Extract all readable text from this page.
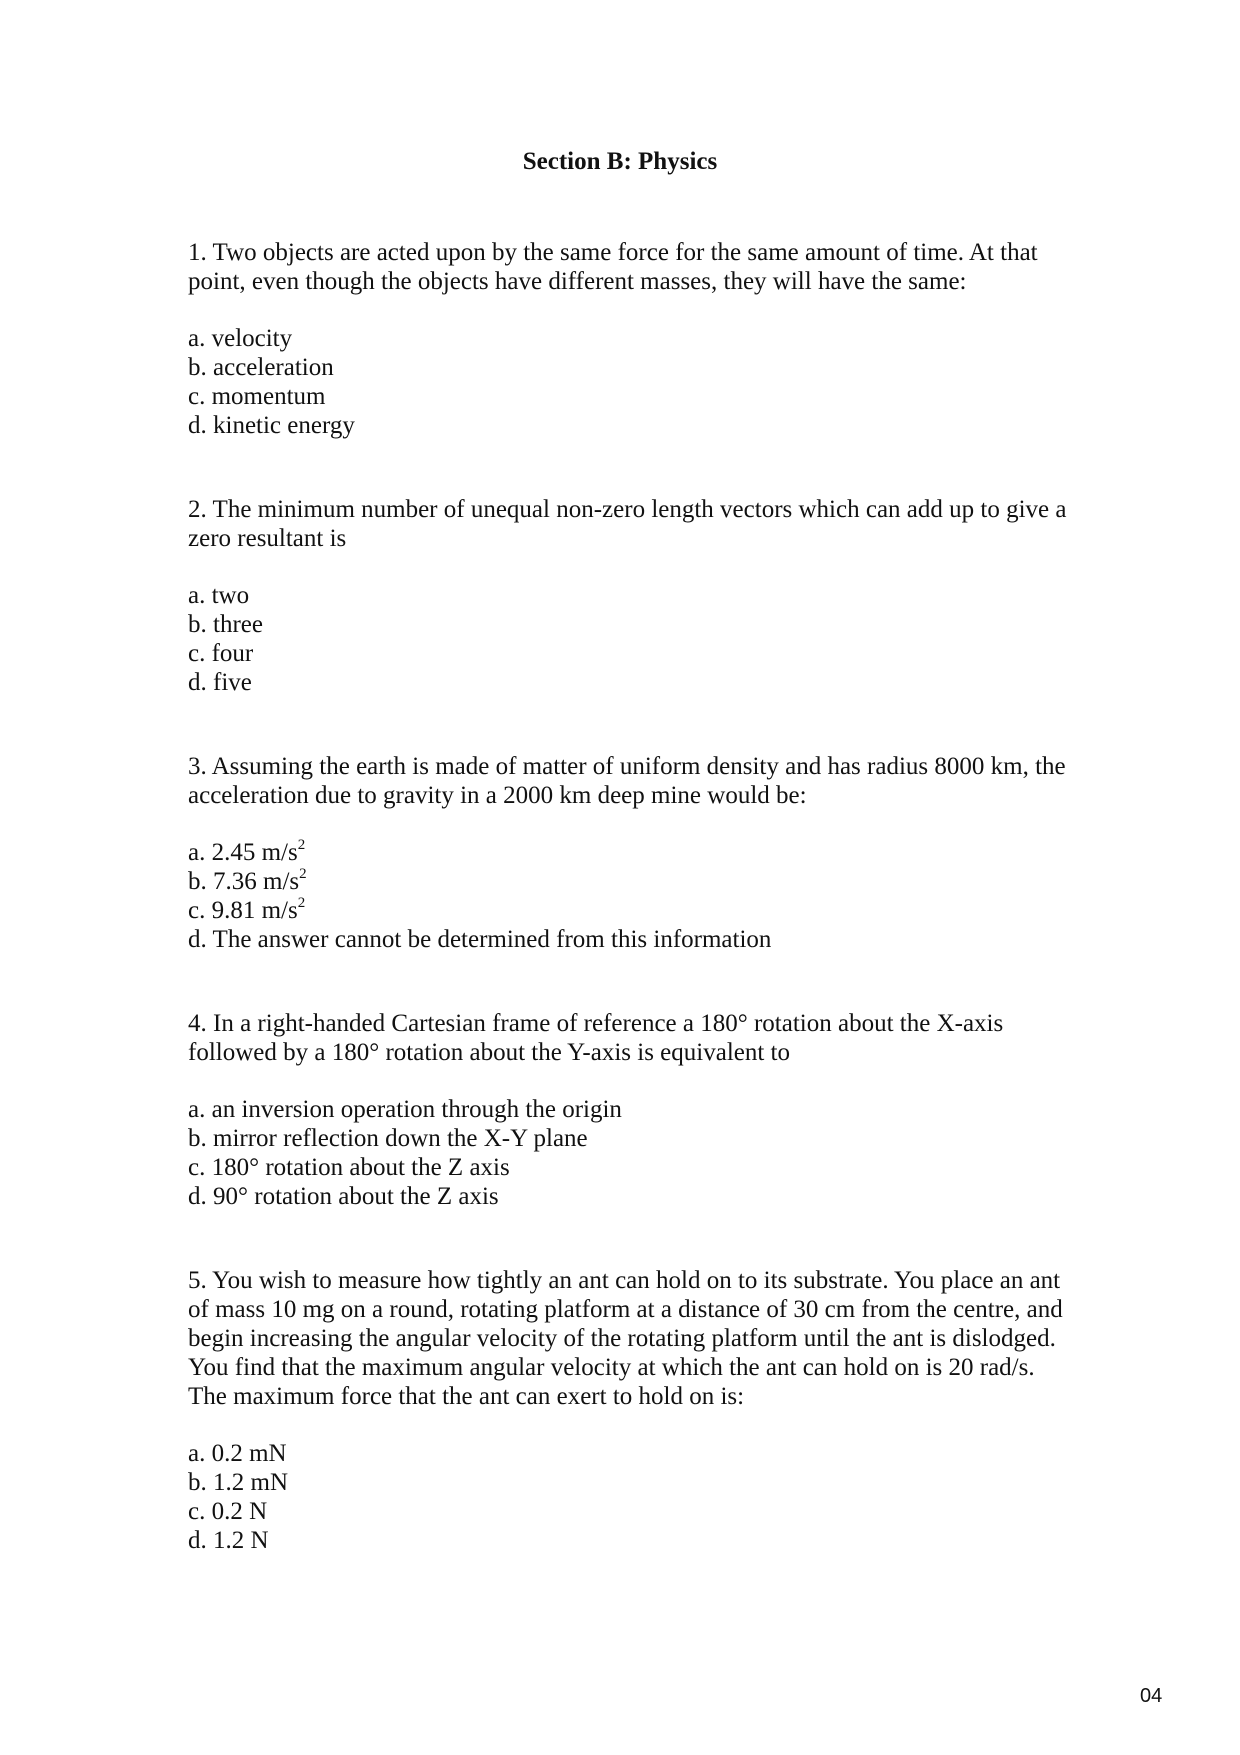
Section B: Physics

1. Two objects are acted upon by the same force for the same amount of time. At that point, even though the objects have different masses, they will have the same:

a. velocity
b. acceleration
c. momentum
d. kinetic energy

2. The minimum number of unequal non-zero length vectors which can add up to give a zero resultant is

a. two
b. three
c. four
d. five

3. Assuming the earth is made of matter of uniform density and has radius 8000 km, the acceleration due to gravity in a 2000 km deep mine would be:

a. 2.45 $m/s^2$
b. 7.36 $m/s^2$
c. 9.81 $m/s^2$
d. The answer cannot be determined from this information

4. In a right-handed Cartesian frame of reference a 180° rotation about the X-axis followed by a 180° rotation about the Y-axis is equivalent to

a. an inversion operation through the origin
b. mirror reflection down the X-Y plane
c. 180° rotation about the Z axis
d. 90° rotation about the Z axis

5. You wish to measure how tightly an ant can hold on to its substrate. You place an ant of mass 10 mg on a round, rotating platform at a distance of 30 cm from the centre, and begin increasing the angular velocity of the rotating platform until the ant is dislodged. You find that the maximum angular velocity at which the ant can hold on is 20 rad/s. The maximum force that the ant can exert to hold on is:

a. 0.2 mN
b. 1.2 mN
c. 0.2 N
d. 1.2 N
04
